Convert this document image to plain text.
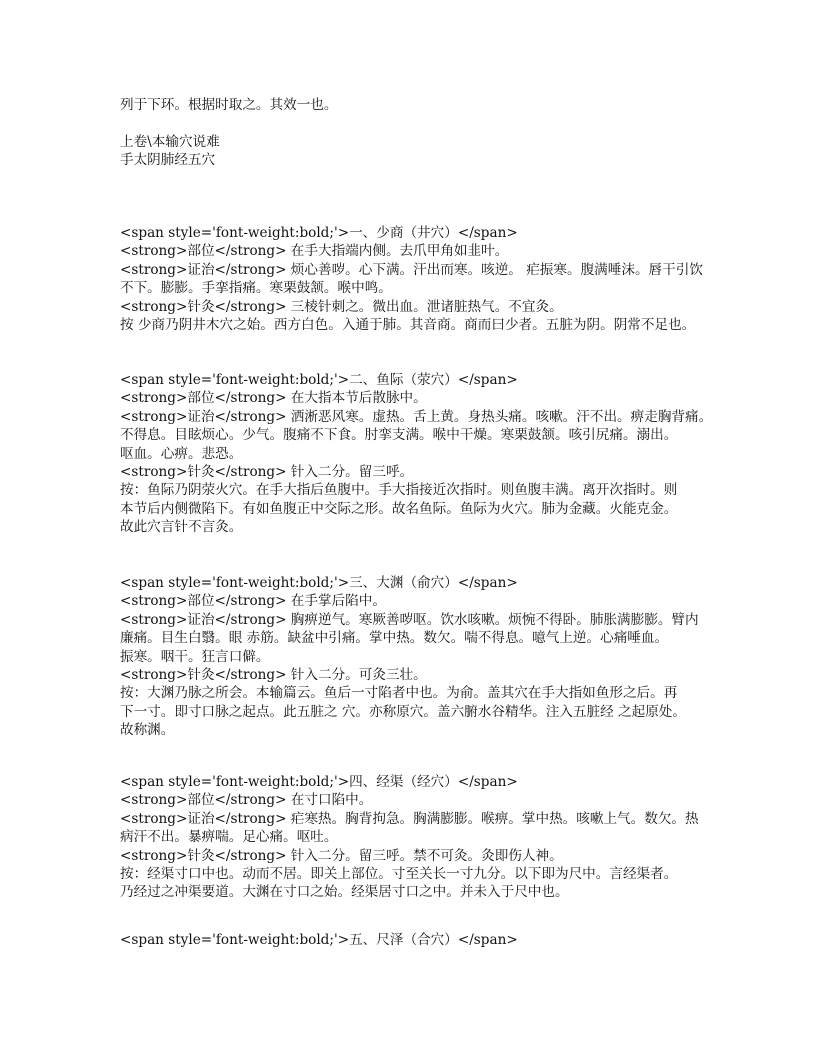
列于下环。根据时取之。其效一也。
上卷\本输穴说难
手太阴肺经五穴
<span style='font-weight:bold;'>一、少商（井穴）</span>
<strong>部位</strong> 在手大指端内侧。去爪甲角如韭叶。
<strong>证治</strong> 烦心善哕。心下满。汗出而寒。咳逆。 疟振寒。腹满唾沫。唇干引饮
不下。膨膨。手挛指痛。寒栗鼓颔。喉中鸣。
<strong>针灸</strong> 三棱针刺之。微出血。泄诸脏热气。不宜灸。
按 少商乃阴井木穴之始。西方白色。入通于肺。其音商。商而曰少者。五脏为阴。阴常不足也。
<span style='font-weight:bold;'>二、鱼际（荥穴）</span>
<strong>部位</strong> 在大指本节后散脉中。
<strong>证治</strong> 洒淅恶风寒。虚热。舌上黄。身热头痛。咳嗽。汗不出。痹走胸背痛。
不得息。目眩烦心。少气。腹痛不下食。肘挛支满。喉中干燥。寒栗鼓颔。咳引尻痛。溺出。
呕血。心痹。悲恐。
<strong>针灸</strong> 针入二分。留三呼。
按：鱼际乃阴荥火穴。在手大指后鱼腹中。手大指接近次指时。则鱼腹丰满。离开次指时。则
本节后内侧微陷下。有如鱼腹正中交际之形。故名鱼际。鱼际为火穴。肺为金藏。火能克金。
故此穴言针不言灸。
<span style='font-weight:bold;'>三、大渊（俞穴）</span>
<strong>部位</strong> 在手掌后陷中。
<strong>证治</strong> 胸痹逆气。寒厥善哕呕。饮水咳嗽。烦惋不得卧。肺胀满膨膨。臂内
廉痛。目生白翳。眼 赤筋。缺盆中引痛。掌中热。数欠。喘不得息。噫气上逆。心痛唾血。
振寒。咽干。狂言口僻。
<strong>针灸</strong> 针入二分。可灸三壮。
按：大渊乃脉之所会。本输篇云。鱼后一寸陷者中也。为俞。盖其穴在手大指如鱼形之后。再
下一寸。即寸口脉之起点。此五脏之 穴。亦称原穴。盖六腑水谷精华。注入五脏经 之起原处。
故称渊。
<span style='font-weight:bold;'>四、经渠（经穴）</span>
<strong>部位</strong> 在寸口陷中。
<strong>证治</strong> 疟寒热。胸背拘急。胸满膨膨。喉痹。掌中热。咳嗽上气。数欠。热
病汗不出。暴痹喘。足心痛。呕吐。
<strong>针灸</strong> 针入二分。留三呼。禁不可灸。灸即伤人神。
按：经渠寸口中也。动而不居。即关上部位。寸至关长一寸九分。以下即为尺中。言经渠者。
乃经过之冲渠要道。大渊在寸口之始。经渠居寸口之中。并未入于尺中也。
<span style='font-weight:bold;'>五、尺泽（合穴）</span>
